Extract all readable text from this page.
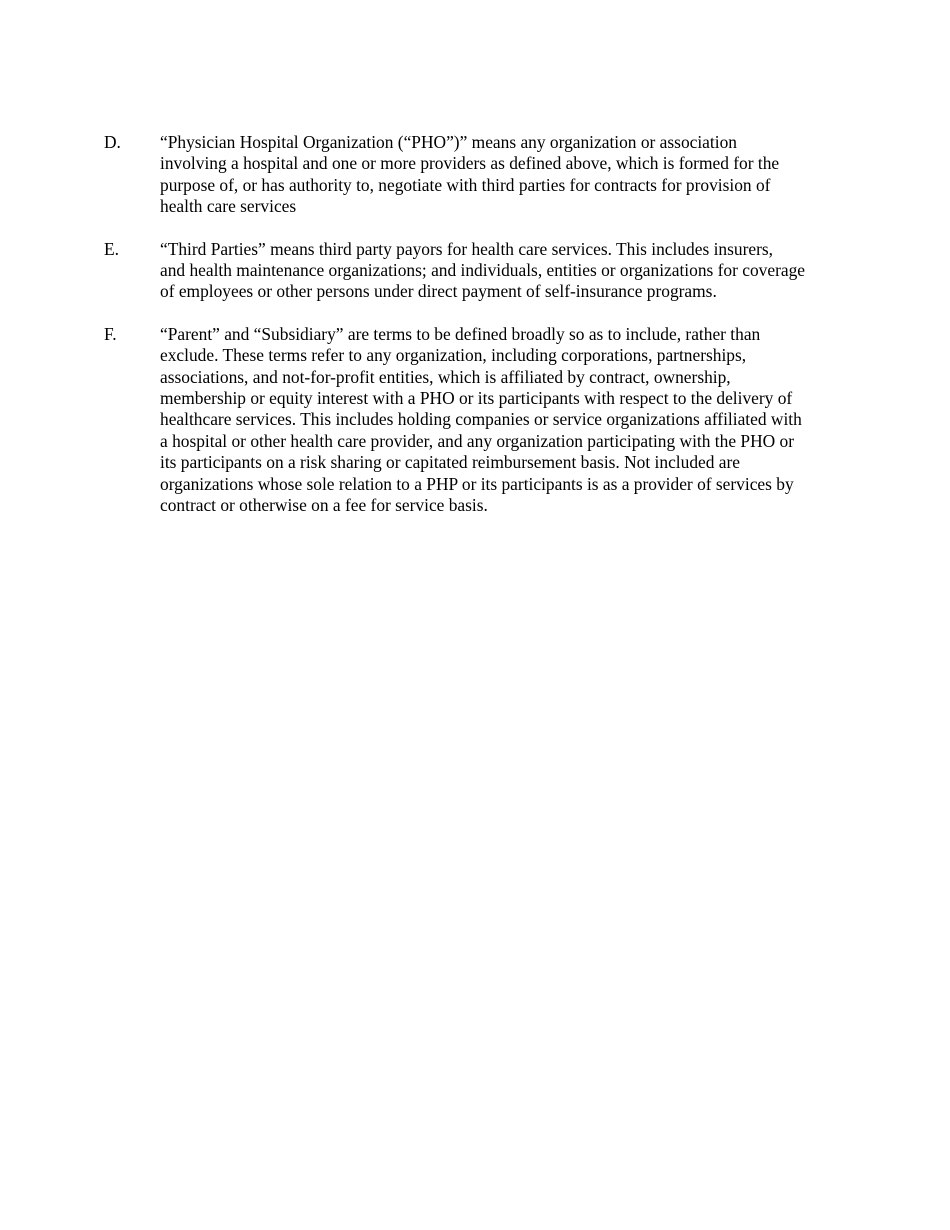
D.	“Physician Hospital Organization (“PHO”)” means any organization or association
involving a hospital and one or more providers as defined above, which is formed for the
purpose of, or has authority to, negotiate with third parties for contracts for provision of
health care services
E.	“Third Parties” means third party payors for health care services. This includes insurers,
and health maintenance organizations; and individuals, entities or organizations for coverage
of employees or other persons under direct payment of self-insurance programs.
F.	“Parent” and “Subsidiary” are terms to be defined broadly so as to include, rather than
exclude. These terms refer to any organization, including corporations, partnerships,
associations, and not-for-profit entities, which is affiliated by contract, ownership,
membership or equity interest with a PHO or its participants with respect to the delivery of
healthcare services. This includes holding companies or service organizations affiliated with
a hospital or other health care provider, and any organization participating with the PHO or
its participants on a risk sharing or capitated reimbursement basis. Not included are
organizations whose sole relation to a PHP or its participants is as a provider of services by
contract or otherwise on a fee for service basis.
